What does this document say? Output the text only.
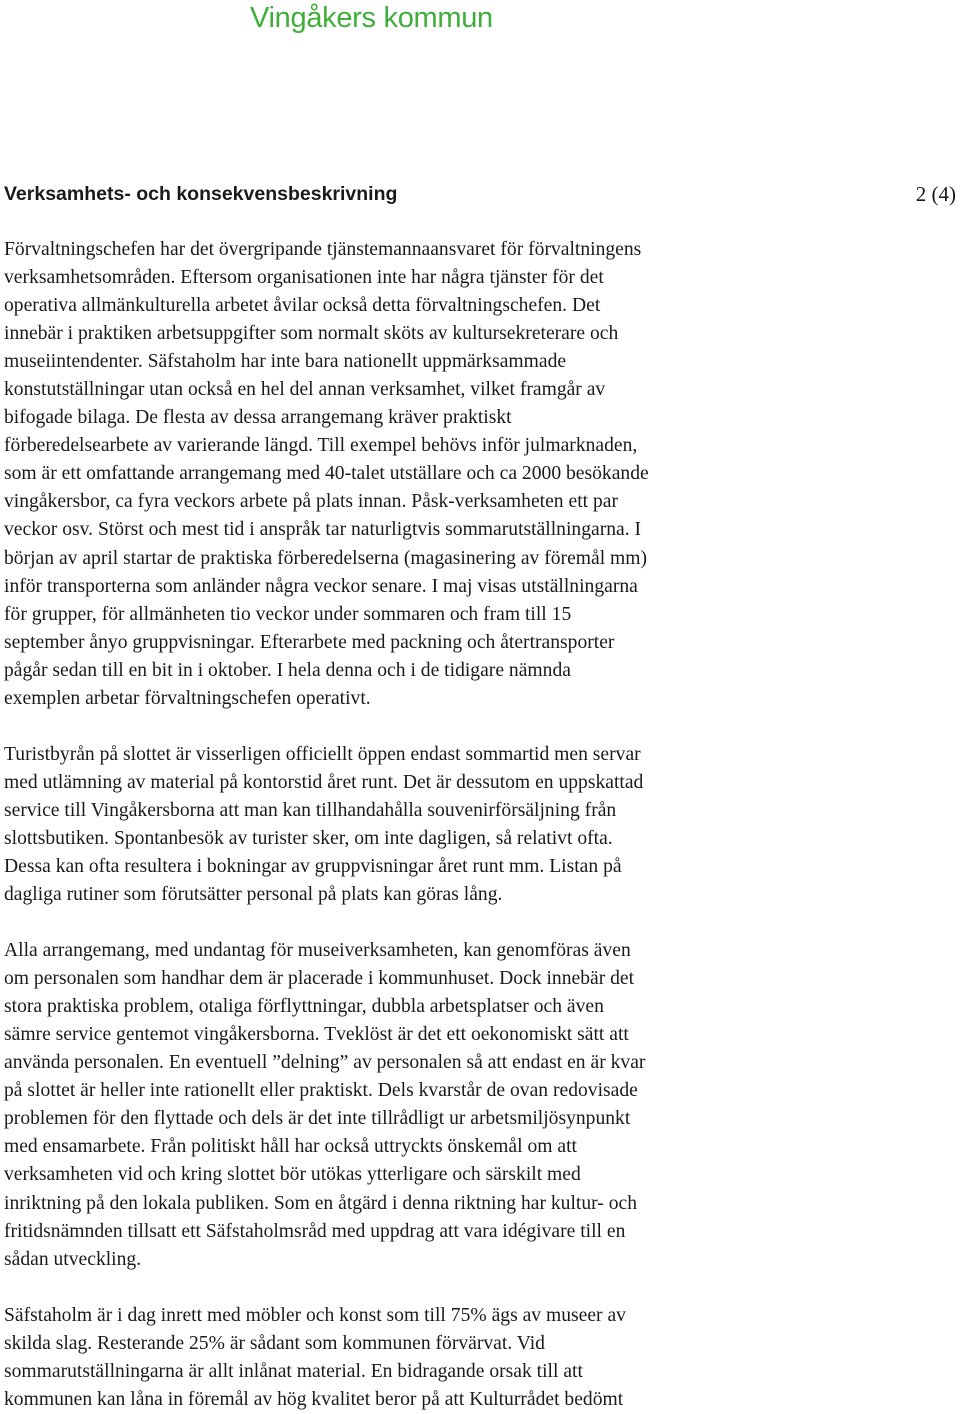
Vingåkers kommun
Verksamhets- och konsekvensbeskrivning	2 (4)
Förvaltningschefen har det övergripande tjänstemannaansvaret för förvaltningens
verksamhetsområden. Eftersom organisationen inte har några tjänster för det
operativa allmänkulturella arbetet åvilar också detta förvaltningschefen. Det
innebär i praktiken arbetsuppgifter som normalt sköts av kultursekreterare och
museiintendenter. Säfstaholm har inte bara nationellt uppmärksammade
konstutställningar utan också en hel del annan verksamhet, vilket framgår av
bifogade bilaga. De flesta av dessa arrangemang kräver praktiskt
förberedelsearbete av varierande längd. Till exempel behövs inför julmarknaden,
som är ett omfattande arrangemang med 40-talet utställare och ca 2000 besökande
vingåkersbor, ca fyra veckors arbete på plats innan. Påsk-verksamheten ett par
veckor osv. Störst och mest tid i anspråk tar naturligtvis sommarutställningarna. I
början av april startar de praktiska förberedelserna (magasinering av föremål mm)
inför transporterna som anländer några veckor senare. I maj visas utställningarna
för grupper, för allmänheten tio veckor under sommaren och fram till 15
september ånyo gruppvisningar. Efterarbete med packning och återtransporter
pågår sedan till en bit in i oktober. I hela denna och i de tidigare nämnda
exemplen arbetar förvaltningschefen operativt.
Turistbyrån på slottet är visserligen officiellt öppen endast sommartid men servar
med utlämning av material på kontorstid året runt. Det är dessutom en uppskattad
service till Vingåkersborna att man kan tillhandahålla souvenirförsäljning från
slottsbutiken. Spontanbesök av turister sker, om inte dagligen, så relativt ofta.
Dessa kan ofta resultera i bokningar av gruppvisningar året runt mm. Listan på
dagliga rutiner som förutsätter personal på plats kan göras lång.
Alla arrangemang, med undantag för museiverksamheten, kan genomföras även
om personalen som handhar dem är placerade i kommunhuset. Dock innebär det
stora praktiska problem, otaliga förflyttningar, dubbla arbetsplatser och även
sämre service gentemot vingåkersborna. Tveklöst är det ett oekonomiskt sätt att
använda personalen. En eventuell ”delning” av personalen så att endast en är kvar
på slottet är heller inte rationellt eller praktiskt. Dels kvarstår de ovan redovisade
problemen för den flyttade och dels är det inte tillrådligt ur arbetsmiljösynpunkt
med ensamarbete. Från politiskt håll har också uttryckts önskemål om att
verksamheten vid och kring slottet bör utökas ytterligare och särskilt med
inriktning på den lokala publiken. Som en åtgärd i denna riktning har kultur- och
fritidsnämnden tillsatt ett Säfstaholmsråd med uppdrag att vara idégivare till en
sådan utveckling.
Säfstaholm är i dag inrett med möbler och konst som till 75% ägs av museer av
skilda slag. Resterande 25% är sådant som kommunen förvärvat. Vid
sommarutställningarna är allt inlånat material. En bidragande orsak till att
kommunen kan låna in föremål av hög kvalitet beror på att Kulturrådet bedömt
